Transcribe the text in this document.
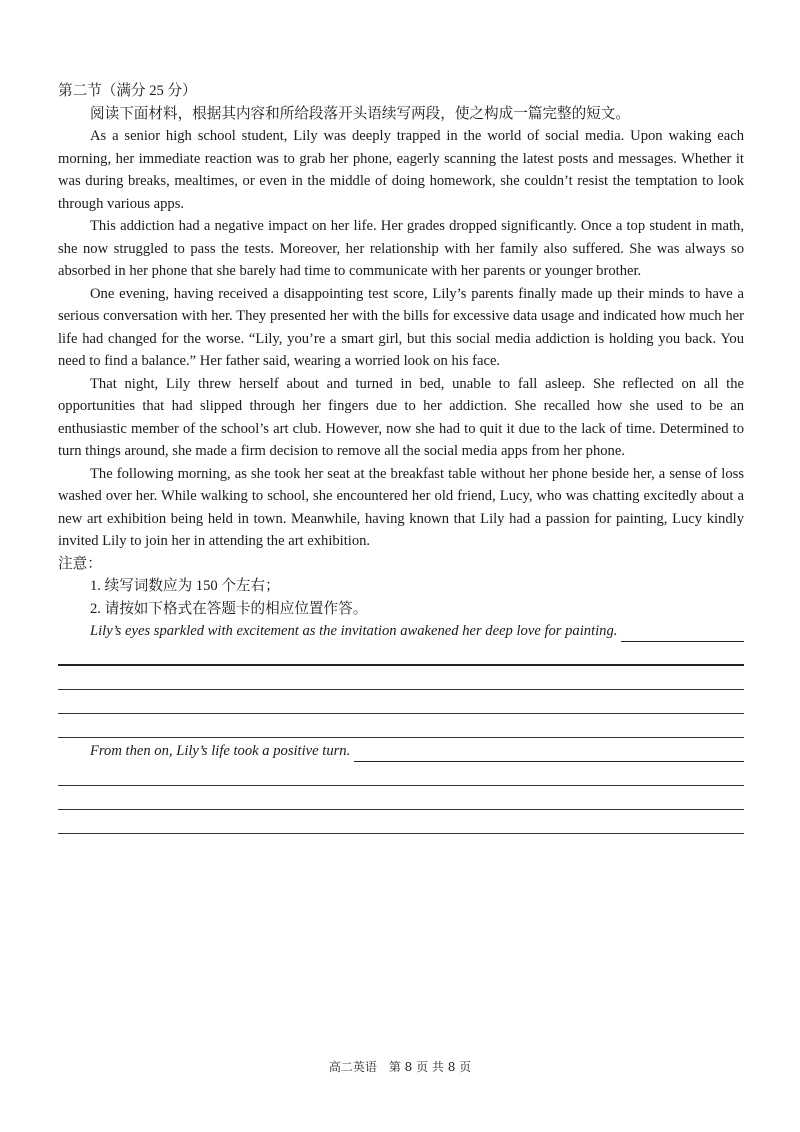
第二节（满分 25 分）

阅读下面材料，根据其内容和所给段落开头语续写两段，使之构成一篇完整的短文。

As a senior high school student, Lily was deeply trapped in the world of social media. Upon waking each morning, her immediate reaction was to grab her phone, eagerly scanning the latest posts and messages. Whether it was during breaks, mealtimes, or even in the middle of doing homework, she couldn’t resist the temptation to look through various apps.

This addiction had a negative impact on her life. Her grades dropped significantly. Once a top student in math, she now struggled to pass the tests. Moreover, her relationship with her family also suffered. She was always so absorbed in her phone that she barely had time to communicate with her parents or younger brother.

One evening, having received a disappointing test score, Lily’s parents finally made up their minds to have a serious conversation with her. They presented her with the bills for excessive data usage and indicated how much her life had changed for the worse. “Lily, you’re a smart girl, but this social media addiction is holding you back. You need to find a balance.” Her father said, wearing a worried look on his face.

That night, Lily threw herself about and turned in bed, unable to fall asleep. She reflected on all the opportunities that had slipped through her fingers due to her addiction. She recalled how she used to be an enthusiastic member of the school’s art club. However, now she had to quit it due to the lack of time. Determined to turn things around, she made a firm decision to remove all the social media apps from her phone.

The following morning, as she took her seat at the breakfast table without her phone beside her, a sense of loss washed over her. While walking to school, she encountered her old friend, Lucy, who was chatting excitedly about a new art exhibition being held in town. Meanwhile, having known that Lily had a passion for painting, Lucy kindly invited Lily to join her in attending the art exhibition.

注意：

1. 续写词数应为 150 个左右；

2. 请按如下格式在答题卡的相应位置作答。

Lily’s eyes sparkled with excitement as the invitation awakened her deep love for painting.
From then on, Lily’s life took a positive turn.
高二英语　第 8 页 共 8 页
